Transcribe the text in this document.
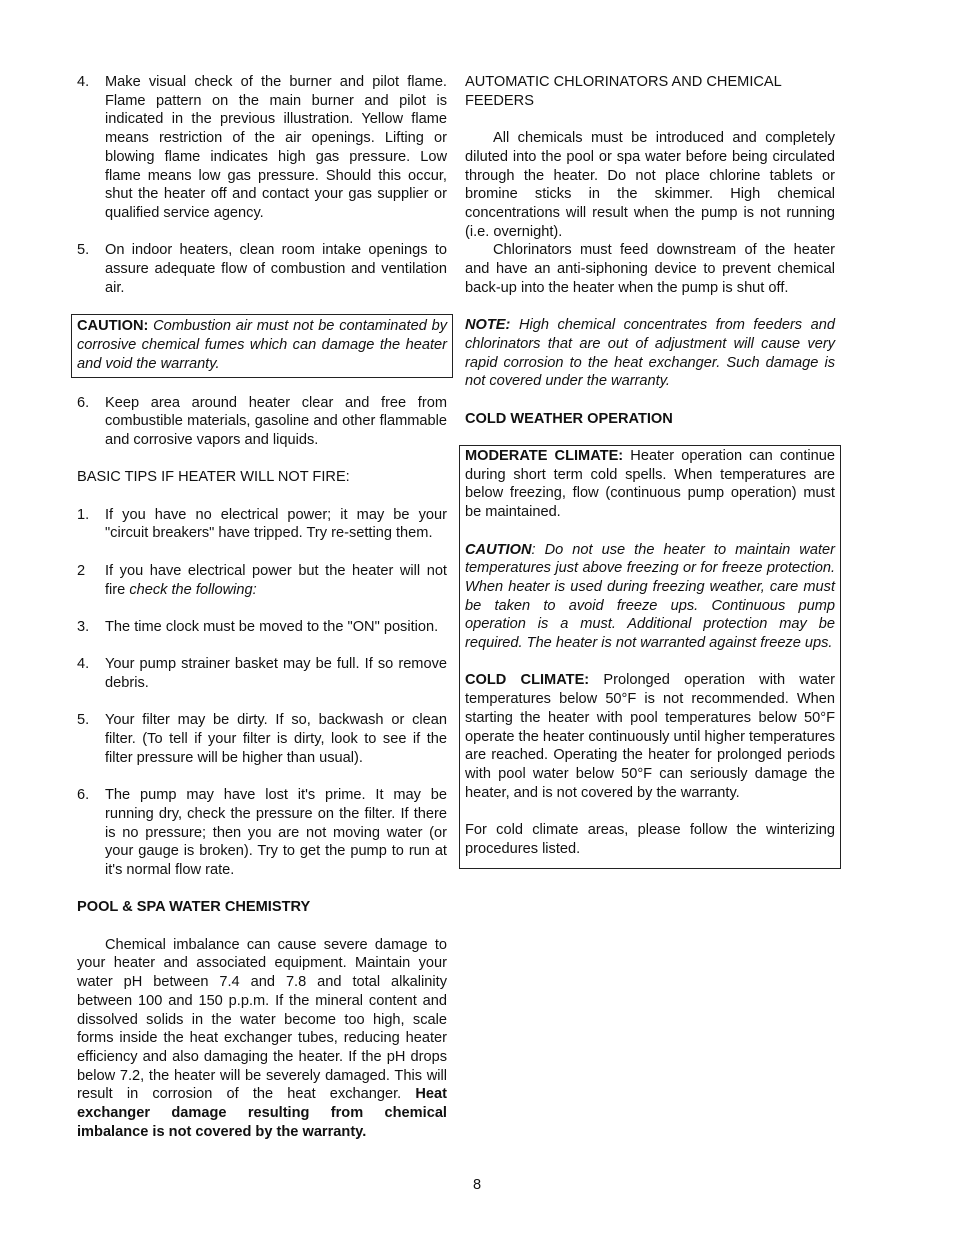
4.	Make visual check of the burner and pilot flame. Flame pattern on the main burner and pilot is indicated in the previous illustration. Yellow flame means restriction of the air openings. Lifting or blowing flame indicates high gas pressure. Low flame means low gas pressure. Should this occur, shut the heater off and contact your gas supplier or qualified service agency.
5.	On indoor heaters, clean room intake openings to assure adequate flow of combustion and ventilation air.

CAUTION: Combustion air must not be contaminated by corrosive chemical fumes which can damage the heater and void the warranty.

6.	Keep area around heater clear and free from combustible materials, gasoline and other flammable and corrosive vapors and liquids.

BASIC TIPS IF HEATER WILL NOT FIRE:

1.	If you have no electrical power; it may be your "circuit breakers" have tripped. Try re-setting them.
2	If you have electrical power but the heater will not fire check the following:
3.	The time clock must be moved to the "ON" position.
4.	Your pump strainer basket may be full. If so remove debris.
5.	Your filter may be dirty. If so, backwash or clean filter. (To tell if your filter is dirty, look to see if the filter pressure will be higher than usual).
6.	The pump may have lost it's prime. It may be running dry, check the pressure on the filter. If there is no pressure; then you are not moving water (or your gauge is broken). Try to get the pump to run at it's normal flow rate.

POOL & SPA WATER CHEMISTRY

Chemical imbalance can cause severe damage to your heater and associated equipment. Maintain your water pH between 7.4 and 7.8 and total alkalinity between 100 and 150 p.p.m. If the mineral content and dissolved solids in the water become too high, scale forms inside the heat exchanger tubes, reducing heater efficiency and also damaging the heater. If the pH drops below 7.2, the heater will be severely damaged. This will result in corrosion of the heat exchanger. Heat exchanger damage resulting from chemical imbalance is not covered by the warranty.

AUTOMATIC CHLORINATORS AND CHEMICAL FEEDERS

All chemicals must be introduced and completely diluted into the pool or spa water before being circulated through the heater. Do not place chlorine tablets or bromine sticks in the skimmer. High chemical concentrations will result when the pump is not running (i.e. overnight).

Chlorinators must feed downstream of the heater and have an anti-siphoning device to prevent chemical back-up into the heater when the pump is shut off.

NOTE: High chemical concentrates from feeders and chlorinators that are out of adjustment will cause very rapid corrosion to the heat exchanger. Such damage is not covered under the warranty.

COLD WEATHER OPERATION

MODERATE CLIMATE: Heater operation can continue during short term cold spells. When temperatures are below freezing, flow (continuous pump operation) must be maintained.

CAUTION: Do not use the heater to maintain water temperatures just above freezing or for freeze protection. When heater is used during freezing weather, care must be taken to avoid freeze ups. Continuous pump operation is a must. Additional protection may be required. The heater is not warranted against freeze ups.

COLD CLIMATE: Prolonged operation with water temperatures below 50°F is not recommended. When starting the heater with pool temperatures below 50°F operate the heater continuously until higher temperatures are reached. Operating the heater for prolonged periods with pool water below 50°F can seriously damage the heater, and is not covered by the warranty.

For cold climate areas, please follow the winterizing procedures listed.

8
